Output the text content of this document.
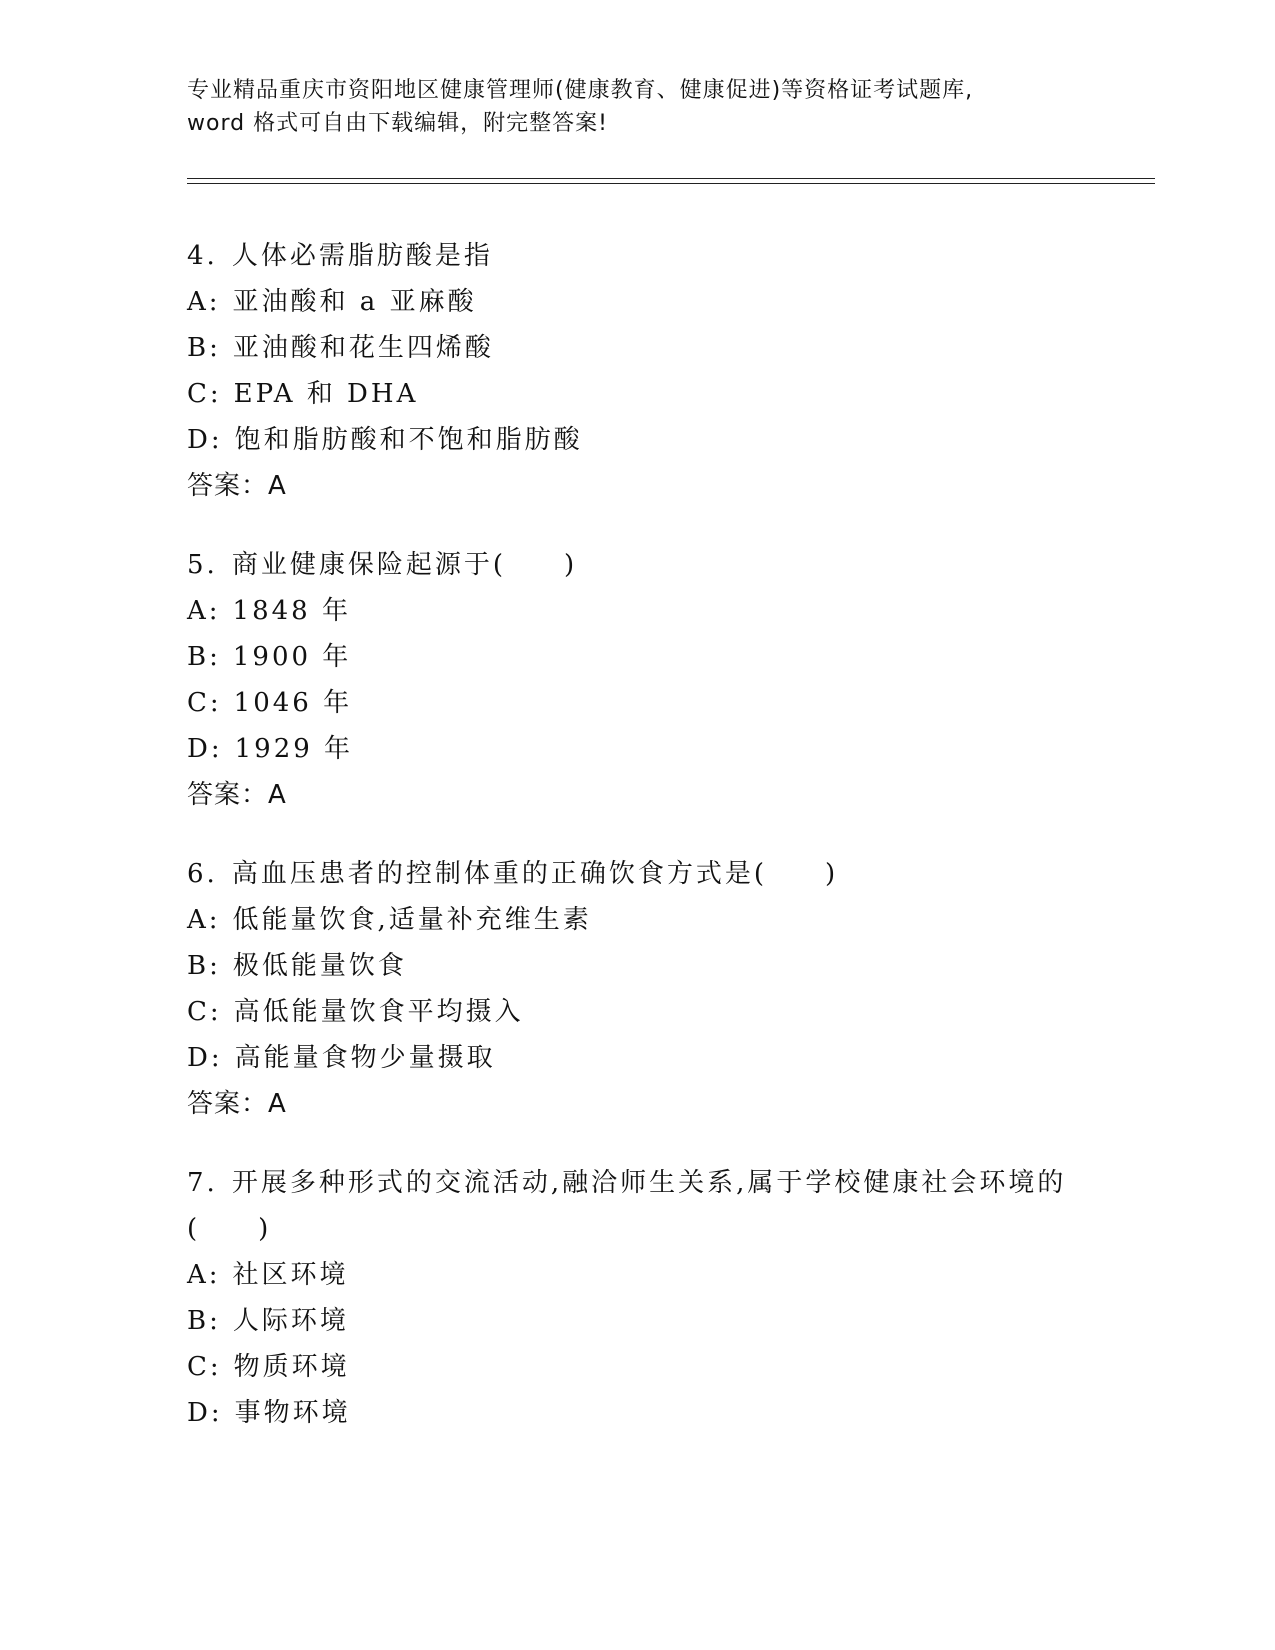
专业精品重庆市资阳地区健康管理师(健康教育、健康促进)等资格证考试题库,
word 格式可自由下载编辑，附完整答案!
4. 人体必需脂肪酸是指
A: 亚油酸和 a 亚麻酸
B: 亚油酸和花生四烯酸
C: EPA 和 DHA
D: 饱和脂肪酸和不饱和脂肪酸
答案：A
5. 商业健康保险起源于(　　)
A: 1848 年
B: 1900 年
C: 1046 年
D: 1929 年
答案：A
6. 高血压患者的控制体重的正确饮食方式是(　　)
A: 低能量饮食,适量补充维生素
B: 极低能量饮食
C: 高低能量饮食平均摄入
D: 高能量食物少量摄取
答案：A
7. 开展多种形式的交流活动,融洽师生关系,属于学校健康社会环境的
(　　)
A: 社区环境
B: 人际环境
C: 物质环境
D: 事物环境
